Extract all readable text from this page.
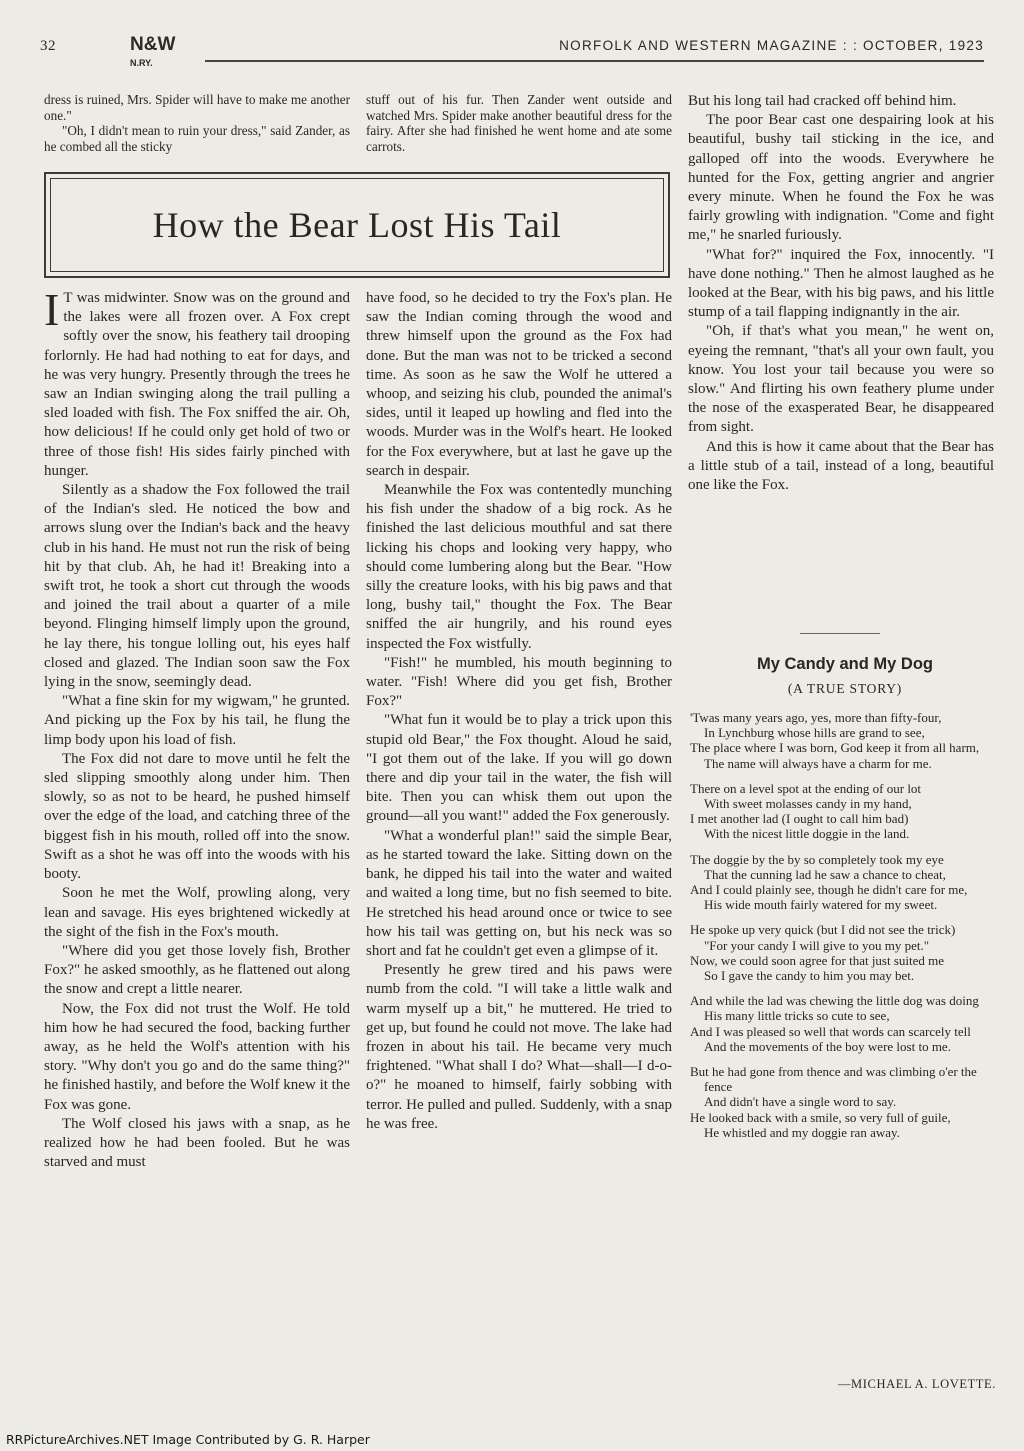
32	N&W
N.RY.
NORFOLK AND WESTERN MAGAZINE : : OCTOBER, 1923

dress is ruined, Mrs. Spider will have to make me another one."

"Oh, I didn't mean to ruin your dress," said Zander, as he combed all the sticky

stuff out of his fur. Then Zander went outside and watched Mrs. Spider make another beautiful dress for the fairy. After she had finished he went home and ate some carrots.

How the Bear Lost His Tail

I T was midwinter. Snow was on the ground and the lakes were all frozen over. A Fox crept softly over the snow, his feathery tail drooping forlornly. He had had nothing to eat for days, and he was very hungry. Presently through the trees he saw an Indian swinging along the trail pulling a sled loaded with fish. The Fox sniffed the air. Oh, how delicious! If he could only get hold of two or three of those fish! His sides fairly pinched with hunger.

Silently as a shadow the Fox followed the trail of the Indian's sled. He noticed the bow and arrows slung over the Indian's back and the heavy club in his hand. He must not run the risk of being hit by that club. Ah, he had it! Breaking into a swift trot, he took a short cut through the woods and joined the trail about a quarter of a mile beyond. Flinging himself limply upon the ground, he lay there, his tongue lolling out, his eyes half closed and glazed. The Indian soon saw the Fox lying in the snow, seemingly dead.

"What a fine skin for my wigwam," he grunted. And picking up the Fox by his tail, he flung the limp body upon his load of fish.

The Fox did not dare to move until he felt the sled slipping smoothly along under him. Then slowly, so as not to be heard, he pushed himself over the edge of the load, and catching three of the biggest fish in his mouth, rolled off into the snow. Swift as a shot he was off into the woods with his booty.

Soon he met the Wolf, prowling along, very lean and savage. His eyes brightened wickedly at the sight of the fish in the Fox's mouth.

"Where did you get those lovely fish, Brother Fox?" he asked smoothly, as he flattened out along the snow and crept a little nearer.

Now, the Fox did not trust the Wolf. He told him how he had secured the food, backing further away, as he held the Wolf's attention with his story. "Why don't you go and do the same thing?" he finished hastily, and before the Wolf knew it the Fox was gone.

The Wolf closed his jaws with a snap, as he realized how he had been fooled. But he was starved and must

have food, so he decided to try the Fox's plan. He saw the Indian coming through the wood and threw himself upon the ground as the Fox had done. But the man was not to be tricked a second time. As soon as he saw the Wolf he uttered a whoop, and seizing his club, pounded the animal's sides, until it leaped up howling and fled into the woods. Murder was in the Wolf's heart. He looked for the Fox everywhere, but at last he gave up the search in despair.

Meanwhile the Fox was contentedly munching his fish under the shadow of a big rock. As he finished the last delicious mouthful and sat there licking his chops and looking very happy, who should come lumbering along but the Bear. "How silly the creature looks, with his big paws and that long, bushy tail," thought the Fox. The Bear sniffed the air hungrily, and his round eyes inspected the Fox wistfully.

"Fish!" he mumbled, his mouth beginning to water. "Fish! Where did you get fish, Brother Fox?"

"What fun it would be to play a trick upon this stupid old Bear," the Fox thought. Aloud he said, "I got them out of the lake. If you will go down there and dip your tail in the water, the fish will bite. Then you can whisk them out upon the ground—all you want!" added the Fox generously.

"What a wonderful plan!" said the simple Bear, as he started toward the lake. Sitting down on the bank, he dipped his tail into the water and waited and waited a long time, but no fish seemed to bite. He stretched his head around once or twice to see how his tail was getting on, but his neck was so short and fat he couldn't get even a glimpse of it.

Presently he grew tired and his paws were numb from the cold. "I will take a little walk and warm myself up a bit," he muttered. He tried to get up, but found he could not move. The lake had frozen in about his tail. He became very much frightened. "What shall I do? What—shall—I d-o-o?" he moaned to himself, fairly sobbing with terror. He pulled and pulled. Suddenly, with a snap he was free.

But his long tail had cracked off behind him.

The poor Bear cast one despairing look at his beautiful, bushy tail sticking in the ice, and galloped off into the woods. Everywhere he hunted for the Fox, getting angrier and angrier every minute. When he found the Fox he was fairly growling with indignation. "Come and fight me," he snarled furiously.

"What for?" inquired the Fox, innocently. "I have done nothing." Then he almost laughed as he looked at the Bear, with his big paws, and his little stump of a tail flapping indignantly in the air.

"Oh, if that's what you mean," he went on, eyeing the remnant, "that's all your own fault, you know. You lost your tail because you were so slow." And flirting his own feathery plume under the nose of the exasperated Bear, he disappeared from sight.

And this is how it came about that the Bear has a little stub of a tail, instead of a long, beautiful one like the Fox.

My Candy and My Dog
(A TRUE STORY)
'Twas many years ago, yes, more than fifty-four,
In Lynchburg whose hills are grand to see,
The place where I was born, God keep it from all harm,
The name will always have a charm for me.
There on a level spot at the ending of our lot
With sweet molasses candy in my hand,
I met another lad (I ought to call him bad)
With the nicest little doggie in the land.
The doggie by the by so completely took my eye
That the cunning lad he saw a chance to cheat,
And I could plainly see, though he didn't care for me,
His wide mouth fairly watered for my sweet.
He spoke up very quick (but I did not see the trick)
"For your candy I will give to you my pet."
Now, we could soon agree for that just suited me
So I gave the candy to him you may bet.
And while the lad was chewing the little dog was doing
His many little tricks so cute to see,
And I was pleased so well that words can scarcely tell
And the movements of the boy were lost to me.
But he had gone from thence and was climbing o'er the fence
And didn't have a single word to say.
He looked back with a smile, so very full of guile,
He whistled and my doggie ran away.
—MICHAEL A. LOVETTE.
RRPictureArchives.NET Image Contributed by G. R. Harper
